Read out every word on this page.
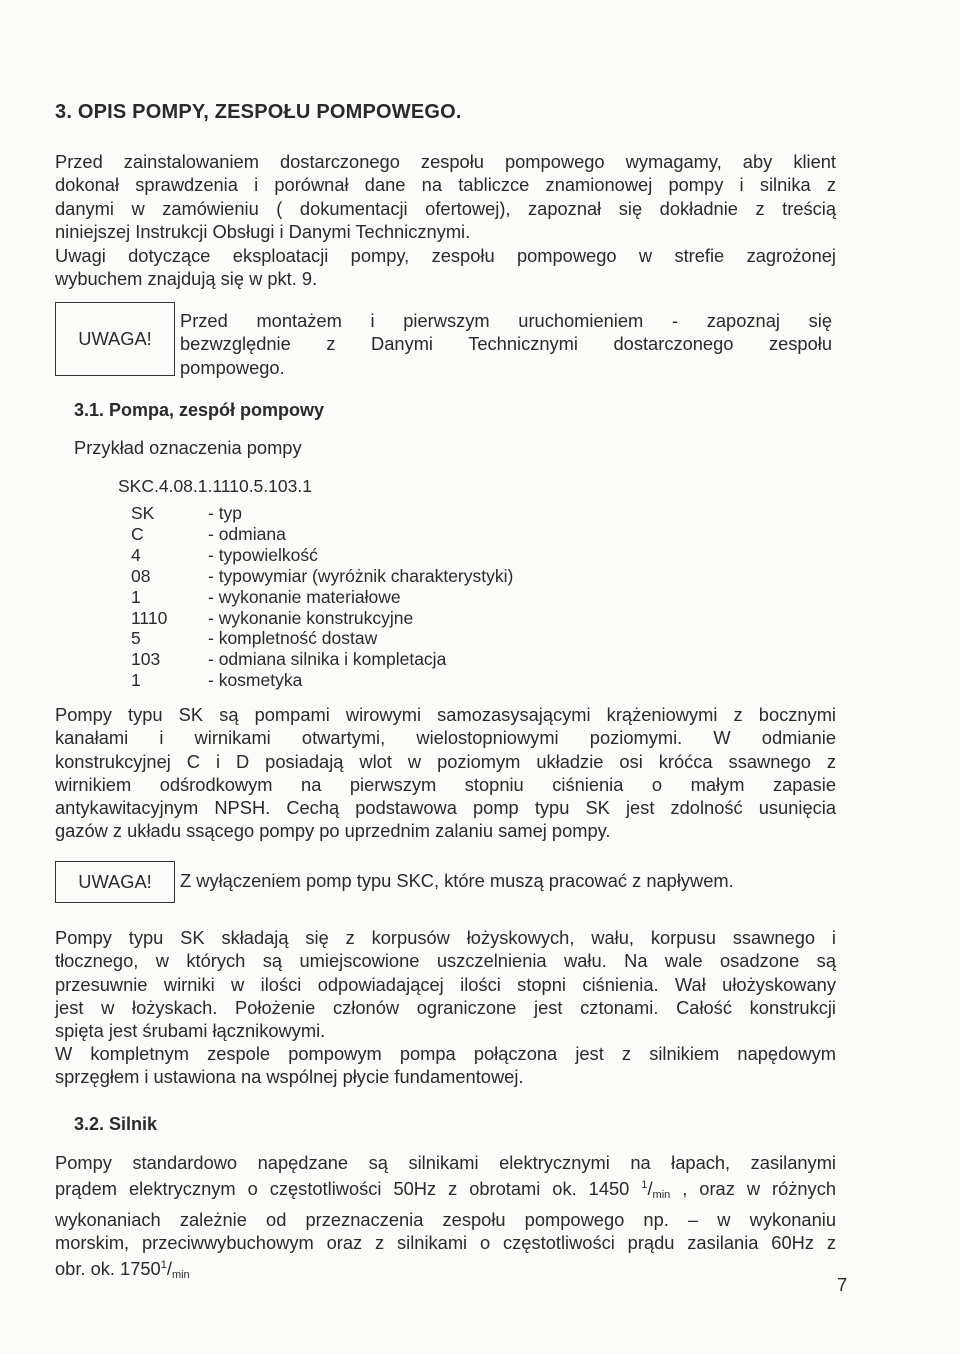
3. OPIS POMPY, ZESPOŁU POMPOWEGO.
Przed zainstalowaniem dostarczonego zespołu pompowego wymagamy, aby klient
dokonał sprawdzenia i porównał dane na tabliczce znamionowej pompy i silnika z
danymi w zamówieniu ( dokumentacji ofertowej), zapoznał się dokładnie z treścią
niniejszej Instrukcji Obsługi i Danymi Technicznymi.
Uwagi dotyczące eksploatacji pompy, zespołu pompowego w strefie zagrożonej
wybuchem znajdują się w pkt. 9.
UWAGA!
Przed montażem i pierwszym uruchomieniem - zapoznaj się
bezwzględnie z Danymi Technicznymi dostarczonego zespołu
pompowego.
3.1. Pompa, zespół pompowy
Przykład oznaczenia pompy
SKC.4.08.1.1110.5.103.1
SK	- typ
C	- odmiana
4	- typowielkość
08	- typowymiar (wyróżnik charakterystyki)
1	- wykonanie materiałowe
1110	- wykonanie konstrukcyjne
5	- kompletność dostaw
103	- odmiana silnika i kompletacja
1	- kosmetyka
Pompy typu SK są pompami wirowymi samozasysającymi krążeniowymi z bocznymi
kanałami i wirnikami otwartymi, wielostopniowymi poziomymi. W odmianie
konstrukcyjnej C i D posiadają wlot w poziomym układzie osi króćca ssawnego z
wirnikiem odśrodkowym na pierwszym stopniu ciśnienia o małym zapasie
antykawitacyjnym NPSH. Cechą podstawowa pomp typu SK jest zdolność usunięcia
gazów z układu ssącego pompy po uprzednim zalaniu samej pompy.
UWAGA! Z wyłączeniem pomp typu SKC, które muszą pracować z napływem.
Pompy typu SK składają się z korpusów łożyskowych, wału, korpusu ssawnego i
tłocznego, w których są umiejscowione uszczelnienia wału. Na wale osadzone są
przesuwnie wirniki w ilości odpowiadającej ilości stopni ciśnienia. Wał ułożyskowany
jest w łożyskach. Położenie członów ograniczone jest cztonami. Całość konstrukcji
spięta jest śrubami łącznikowymi.
W kompletnym zespole pompowym pompa połączona jest z silnikiem napędowym
sprzęgłem i ustawiona na wspólnej płycie fundamentowej.
3.2. Silnik
Pompy standardowo napędzane są silnikami elektrycznymi na łapach, zasilanymi
prądem elektrycznym o częstotliwości 50Hz z obrotami ok. 1450 $^1/_{min}$ , oraz w różnych
wykonaniach zależnie od przeznaczenia zespołu pompowego np. – w wykonaniu
morskim, przeciwwybuchowym oraz z silnikami o częstotliwości prądu zasilania 60Hz z
obr. ok. $1750^1/_{min}$	7
